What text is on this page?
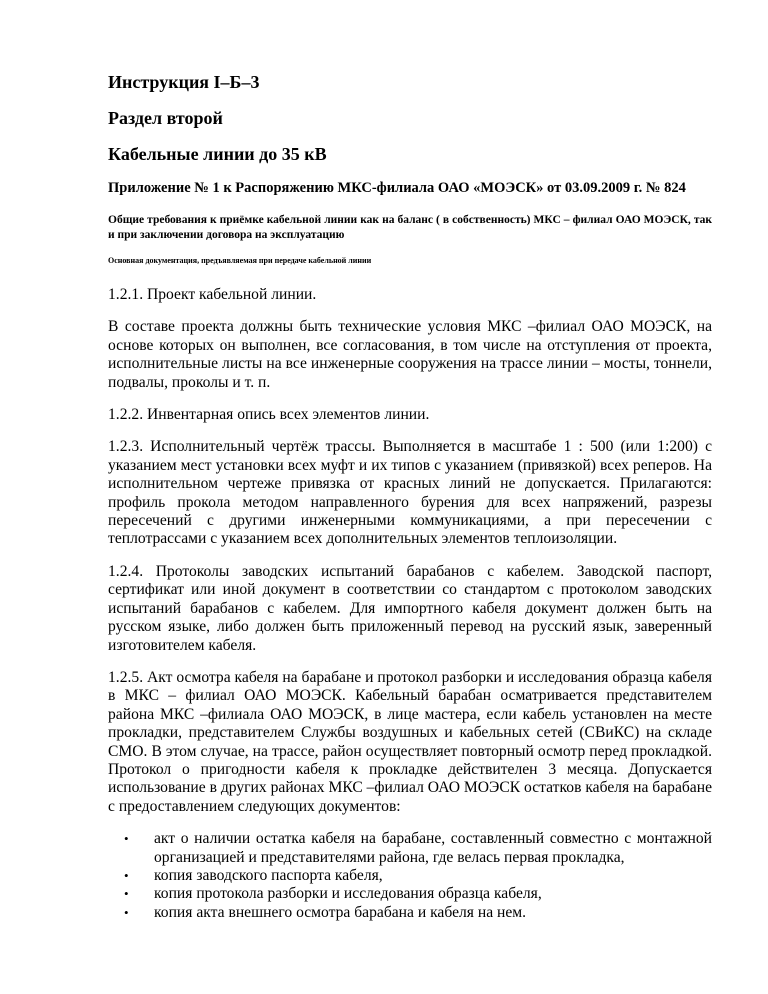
Инструкция I–Б–3
Раздел второй
Кабельные линии до 35 кВ
Приложение № 1 к Распоряжению МКС-филиала ОАО «МОЭСК» от 03.09.2009 г. № 824
Общие требования к приёмке кабельной линии как на баланс ( в собственность) МКС – филиал ОАО МОЭСК, так и при заключении договора на эксплуатацию
Основная документация, предъявляемая при передаче кабельной линии

1.2.1. Проект кабельной линии.

В составе проекта должны быть технические условия МКС –филиал ОАО МОЭСК, на основе которых он выполнен, все согласования, в том числе на отступления от проекта, исполнительные листы на все инженерные сооружения на трассе линии – мосты, тоннели, подвалы, проколы и т. п.

1.2.2. Инвентарная опись всех элементов линии.

1.2.3. Исполнительный чертёж трассы. Выполняется в масштабе 1 : 500 (или 1:200) с указанием мест установки всех муфт и их типов с указанием (привязкой) всех реперов. На исполнительном чертеже привязка от красных линий не допускается. Прилагаются: профиль прокола методом направленного бурения для всех напряжений, разрезы пересечений с другими инженерными коммуникациями, а при пересечении с теплотрассами с указанием всех дополнительных элементов теплоизоляции.

1.2.4. Протоколы заводских испытаний барабанов с кабелем. Заводской паспорт, сертификат или иной документ в соответствии со стандартом с протоколом заводских испытаний барабанов с кабелем. Для импортного кабеля документ должен быть на русском языке, либо должен быть приложенный перевод на русский язык, заверенный изготовителем кабеля.

1.2.5. Акт осмотра кабеля на барабане и протокол разборки и исследования образца кабеля в МКС – филиал ОАО МОЭСК. Кабельный барабан осматривается представителем района МКС –филиала ОАО МОЭСК, в лице мастера, если кабель установлен на месте прокладки, представителем Службы воздушных и кабельных сетей (СВиКС) на складе СМО. В этом случае, на трассе, район осуществляет повторный осмотр перед прокладкой. Протокол о пригодности кабеля к прокладке действителен 3 месяца. Допускается использование в других районах МКС –филиал ОАО МОЭСК остатков кабеля на барабане с предоставлением следующих документов:

• акт о наличии остатка кабеля на барабане, составленный совместно с монтажной организацией и представителями района, где велась первая прокладка,
• копия заводского паспорта кабеля,
• копия протокола разборки и исследования образца кабеля,
• копия акта внешнего осмотра барабана и кабеля на нем.
